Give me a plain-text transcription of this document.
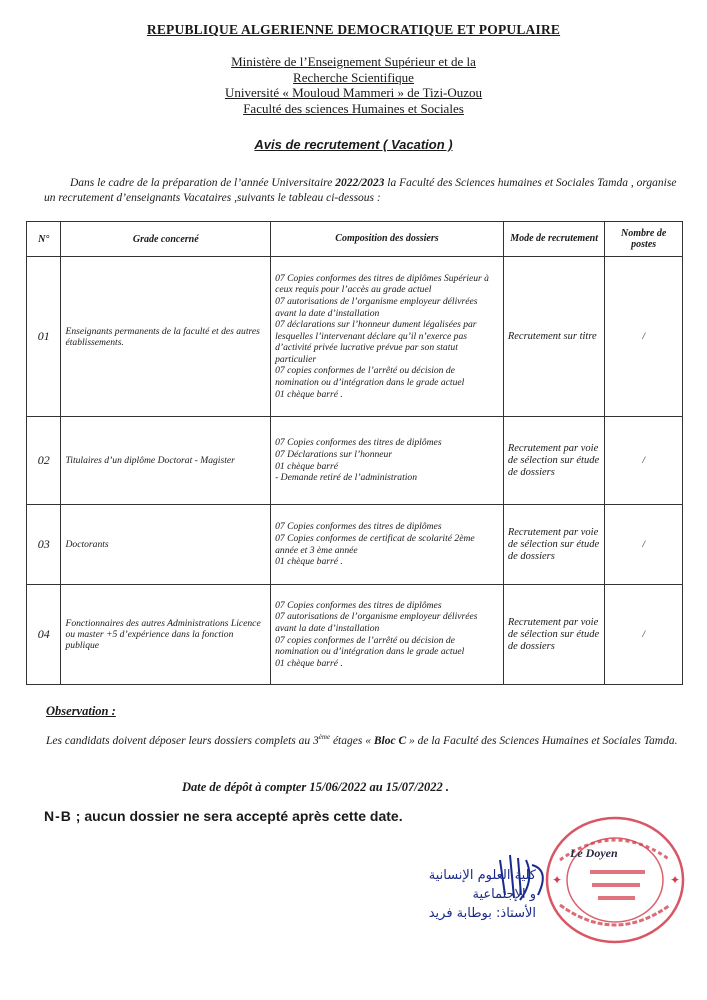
REPUBLIQUE ALGERIENNE DEMOCRATIQUE ET POPULAIRE
Ministère de l’Enseignement Supérieur et de la
Recherche Scientifique
Université « Mouloud Mammeri » de Tizi-Ouzou
Faculté des sciences Humaines et Sociales
Avis de recrutement ( Vacation )
Dans le cadre de la préparation de l’année Universitaire 2022/2023 la Faculté des Sciences humaines et Sociales Tamda , organise un recrutement d’enseignants Vacataires ,suivants le tableau ci-dessous :
N°	Grade concerné	Composition des dossiers	Mode de recrutement	Nombre de postes
01	Enseignants permanents de la faculté et des autres établissements.	07 Copies conformes des titres de diplômes Supérieur à ceux requis pour l’accès au grade actuel
07 autorisations de l’organisme employeur délivrées avant la date d’installation
07 déclarations sur l’honneur dument légalisées par lesquelles l’intervenant déclare qu’il n’exerce pas d’activité privée lucrative prévue par son statut particulier
07 copies conformes de l’arrêté ou décision de nomination ou d’intégration dans le grade actuel
01 chèque barré .	Recrutement sur titre	/
02	Titulaires d’un diplôme Doctorat - Magister	07 Copies conformes des titres de diplômes
07 Déclarations sur l’honneur
01 chèque barré
- Demande retiré de l’administration	Recrutement par voie de sélection sur étude de dossiers	/
03	Doctorants	07 Copies conformes des titres de diplômes
07 Copies conformes de certificat de scolarité 2ème année et 3 ème année
01 chèque barré .	Recrutement par voie de sélection sur étude de dossiers	/
04	Fonctionnaires des autres Administrations Licence ou master +5 d’expérience dans la fonction publique	07 Copies conformes des titres de diplômes
07 autorisations de l’organisme employeur délivrées avant la date d’installation
07 copies conformes de l’arrêté ou décision de nomination ou d’intégration dans le grade actuel
01 chèque barré .	Recrutement par voie de sélection sur étude de dossiers	/
Observation :
Les candidats doivent déposer leurs dossiers complets au 3ème étages « Bloc C » de la Faculté des Sciences Humaines et Sociales Tamda.
Date de dépôt à compter 15/06/2022 au 15/07/2022 .
N-B ; aucun dossier ne sera accepté après cette date.
✦	✦
Le Doyen
كلية العلوم الإنسانية
و الإجتماعية
الأستاذ: بوطابة فريد
